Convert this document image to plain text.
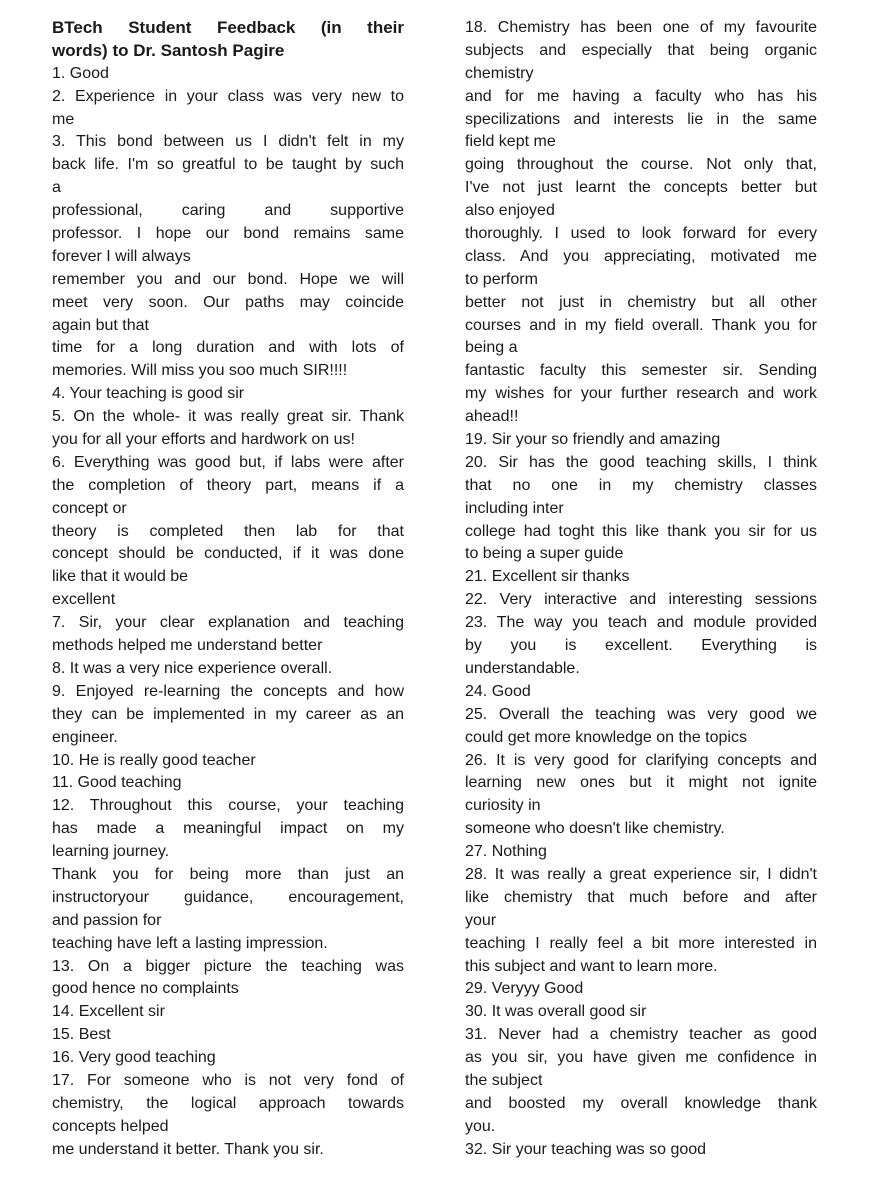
BTech Student Feedback (in their
words) to Dr. Santosh Pagire
1. Good
2. Experience in your class was very new to
me
3. This bond between us I didn't felt in my
back life. I'm so greatful to be taught by such
a
professional, caring and supportive
professor. I hope our bond remains same
forever I will always
remember you and our bond. Hope we will
meet very soon. Our paths may coincide
again but that
time for a long duration and with lots of
memories. Will miss you soo much SIR!!!!
4. Your teaching is good sir
5. On the whole- it was really great sir. Thank
you for all your efforts and hardwork on us!
6. Everything was good but, if labs were after
the completion of theory part, means if a
concept or
theory is completed then lab for that
concept should be conducted, if it was done
like that it would be
excellent
7. Sir, your clear explanation and teaching
methods helped me understand better
8. It was a very nice experience overall.
9. Enjoyed re-learning the concepts and how
they can be implemented in my career as an
engineer.
10. He is really good teacher
11. Good teaching
12. Throughout this course, your teaching
has made a meaningful impact on my
learning journey.
Thank you for being more than just an
instructoryour guidance, encouragement,
and passion for
teaching have left a lasting impression.
13. On a bigger picture the teaching was
good hence no complaints
14. Excellent sir
15. Best
16. Very good teaching
17. For someone who is not very fond of
chemistry, the logical approach towards
concepts helped
me understand it better. Thank you sir.
18. Chemistry has been one of my favourite
subjects and especially that being organic
chemistry
and for me having a faculty who has his
specilizations and interests lie in the same
field kept me
going throughout the course. Not only that,
I've not just learnt the concepts better but
also enjoyed
thoroughly. I used to look forward for every
class. And you appreciating, motivated me
to perform
better not just in chemistry but all other
courses and in my field overall. Thank you for
being a
fantastic faculty this semester sir. Sending
my wishes for your further research and work
ahead!!
19. Sir your so friendly and amazing
20. Sir has the good teaching skills, I think
that no one in my chemistry classes
including inter
college had toght this like thank you sir for us
to being a super guide
21. Excellent sir thanks
22. Very interactive and interesting sessions
23. The way you teach and module provided
by you is excellent. Everything is
understandable.
24. Good
25. Overall the teaching was very good we
could get more knowledge on the topics
26. It is very good for clarifying concepts and
learning new ones but it might not ignite
curiosity in
someone who doesn't like chemistry.
27. Nothing
28. It was really a great experience sir, I didn't
like chemistry that much before and after
your
teaching I really feel a bit more interested in
this subject and want to learn more.
29. Veryyy Good
30. It was overall good sir
31. Never had a chemistry teacher as good
as you sir, you have given me confidence in
the subject
and boosted my overall knowledge thank
you.
32. Sir your teaching was so good
